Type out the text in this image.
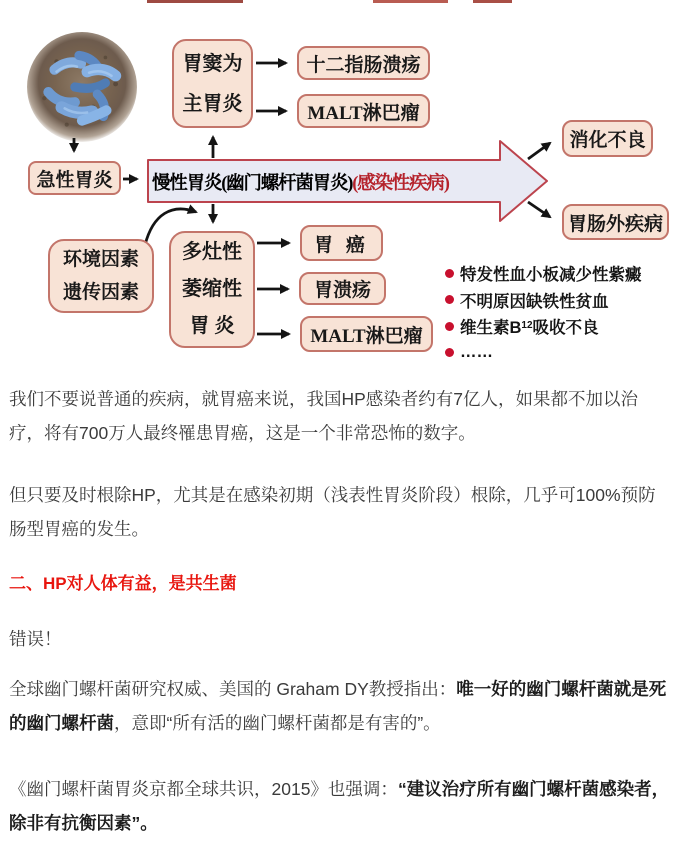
急性胃炎
胃窦为
主胃炎
十二指肠溃疡
MALT淋巴瘤
慢性胃炎(幽门螺杆菌胃炎) (感染性疾病)
环境因素
遗传因素
多灶性
萎缩性
胃 炎
胃 癌
胃溃疡
MALT淋巴瘤
消化不良
胃肠外疾病
特发性血小板减少性紫癜
不明原因缺铁性贫血
维生素B 12 吸收不良
……

我们不要说普通的疾病，就胃癌来说，我国HP感染者约有7亿人，如果都不加以治疗，将有700万人最终罹患胃癌，这是一个非常恐怖的数字。

但只要及时根除HP，尤其是在感染初期（浅表性胃炎阶段）根除，几乎可100%预防肠型胃癌的发生。

二、HP对人体有益，是共生菌

错误！

全球幽门螺杆菌研究权威、美国的 Graham DY教授指出：唯一好的幽门螺杆菌就是死的幽门螺杆菌，意即“所有活的幽门螺杆菌都是有害的”。

《幽门螺杆菌胃炎京都全球共识，2015》也强调：“建议治疗所有幽门螺杆菌感染者，除非有抗衡因素”。
